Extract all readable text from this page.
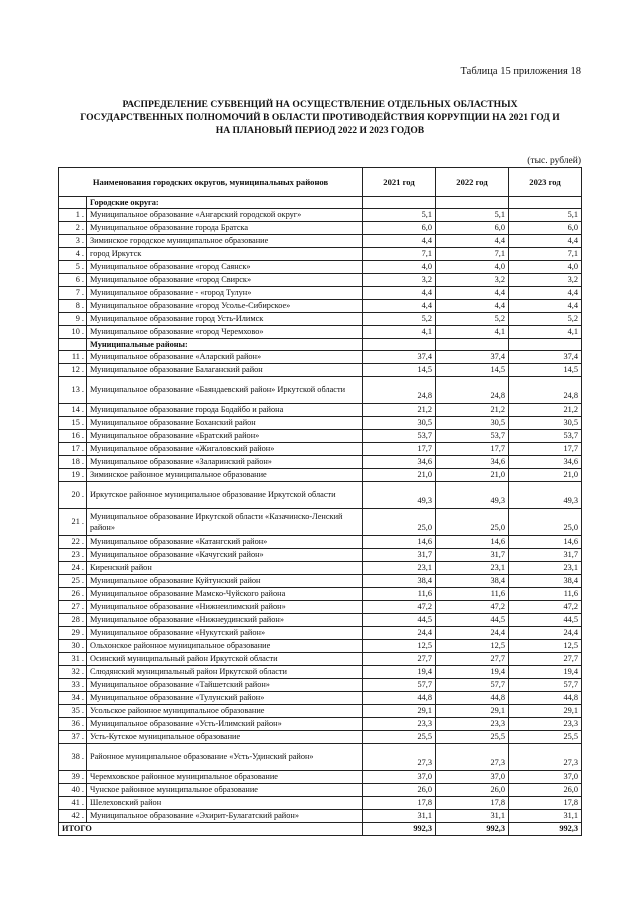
Таблица 15 приложения 18
РАСПРЕДЕЛЕНИЕ СУБВЕНЦИЙ НА ОСУЩЕСТВЛЕНИЕ ОТДЕЛЬНЫХ ОБЛАСТНЫХ
ГОСУДАРСТВЕННЫХ ПОЛНОМОЧИЙ В ОБЛАСТИ ПРОТИВОДЕЙСТВИЯ КОРРУПЦИИ НА 2021 ГОД И
НА ПЛАНОВЫЙ ПЕРИОД 2022 И 2023 ГОДОВ
(тыс. рублей)
Наименования городских округов, муниципальных районов		2021 год	2022 год	2023 год
	Городские округа:			
1 .	Муниципальное образование «Ангарский городской округ»	5,1	5,1	5,1
2 .	Муниципальное образование города Братска	6,0	6,0	6,0
3 .	Зиминское городское муниципальное образование	4,4	4,4	4,4
4 .	город Иркутск	7,1	7,1	7,1
5 .	Муниципальное образование «город Саянск»	4,0	4,0	4,0
6 .	Муниципальное образование «город Свирск»	3,2	3,2	3,2
7 .	Муниципальное образование - «город Тулун»	4,4	4,4	4,4
8 .	Муниципальное образование «город Усолье-Сибирское»	4,4	4,4	4,4
9 .	Муниципальное образование город Усть-Илимск	5,2	5,2	5,2
10 .	Муниципальное образование «город Черемхово»	4,1	4,1	4,1
	Муниципальные районы:			
11 .	Муниципальное образование «Аларский район»	37,4	37,4	37,4
12 .	Муниципальное образование Балаганский район	14,5	14,5	14,5
13 .	Муниципальное образование «Баяндаевский район» Иркутской области	24,8	24,8	24,8
14 .	Муниципальное образование города Бодайбо и района	21,2	21,2	21,2
15 .	Муниципальное образование Боханский район	30,5	30,5	30,5
16 .	Муниципальное образование «Братский район»	53,7	53,7	53,7
17 .	Муниципальное образование «Жигаловский район»	17,7	17,7	17,7
18 .	Муниципальное образование «Заларинский район»	34,6	34,6	34,6
19 .	Зиминское районное муниципальное образование	21,0	21,0	21,0
20 .	Иркутское районное муниципальное образование Иркутской области	49,3	49,3	49,3
21 .	Муниципальное образование Иркутской области «Казачинско-Ленский район»	25,0	25,0	25,0
22 .	Муниципальное образование «Катангский район»	14,6	14,6	14,6
23 .	Муниципальное образование «Качугский район»	31,7	31,7	31,7
24 .	Киренский район	23,1	23,1	23,1
25 .	Муниципальное образование Куйтунский район	38,4	38,4	38,4
26 .	Муниципальное образование Мамско-Чуйского района	11,6	11,6	11,6
27 .	Муниципальное образование «Нижнеилимский район»	47,2	47,2	47,2
28 .	Муниципальное образование «Нижнеудинский район»	44,5	44,5	44,5
29 .	Муниципальное образование «Нукутский район»	24,4	24,4	24,4
30 .	Ольхонское районное муниципальное образование	12,5	12,5	12,5
31 .	Осинский муниципальный район Иркутской области	27,7	27,7	27,7
32 .	Слюдянский муниципальный район Иркутской области	19,4	19,4	19,4
33 .	Муниципальное образование «Тайшетский район»	57,7	57,7	57,7
34 .	Муниципальное образование «Тулунский район»	44,8	44,8	44,8
35 .	Усольское районное муниципальное образование	29,1	29,1	29,1
36 .	Муниципальное образование «Усть-Илимский район»	23,3	23,3	23,3
37 .	Усть-Кутское муниципальное образование	25,5	25,5	25,5
38 .	Районное муниципальное образование «Усть-Удинский район»	27,3	27,3	27,3
39 .	Черемховское районное муниципальное образование	37,0	37,0	37,0
40 .	Чунское районное муниципальное образование	26,0	26,0	26,0
41 .	Шелеховский район	17,8	17,8	17,8
42 .	Муниципальное образование «Эхирит-Булагатский район»	31,1	31,1	31,1
ИТОГО		992,3	992,3	992,3
